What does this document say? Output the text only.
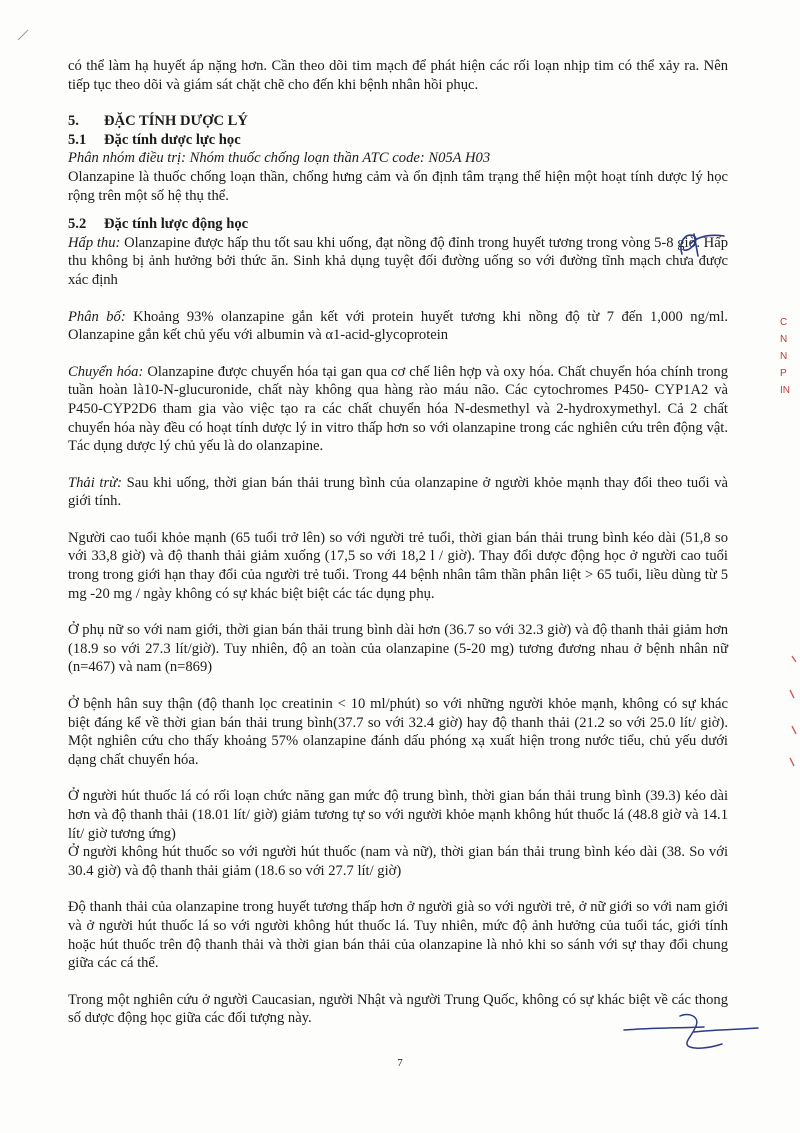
có thể làm hạ huyết áp nặng hơn. Cần theo dõi tim mạch để phát hiện các rối loạn nhịp tim có thể xảy ra. Nên tiếp tục theo dõi và giám sát chặt chẽ cho đến khi bệnh nhân hồi phục.

5. ĐẶC TÍNH DƯỢC LÝ

5.1 Đặc tính dược lực học

Phân nhóm điều trị: Nhóm thuốc chống loạn thần ATC code: N05A H03

Olanzapine là thuốc chống loạn thần, chống hưng cảm và ổn định tâm trạng thể hiện một hoạt tính dược lý học rộng trên một số hệ thụ thể.

5.2 Đặc tính lược động học

Hấp thu: Olanzapine được hấp thu tốt sau khi uống, đạt nồng độ đỉnh trong huyết tương trong vòng 5-8 giờ. Hấp thu không bị ảnh hưởng bởi thức ăn. Sinh khả dụng tuyệt đối đường uống so với đường tĩnh mạch chưa được xác định

Phân bố: Khoảng 93% olanzapine gắn kết với protein huyết tương khi nồng độ từ 7 đến 1,000 ng/ml. Olanzapine gắn kết chủ yếu với albumin và α1-acid-glycoprotein

Chuyển hóa: Olanzapine được chuyển hóa tại gan qua cơ chế liên hợp và oxy hóa. Chất chuyển hóa chính trong tuần hoàn là10-N-glucuronide, chất này không qua hàng rào máu não. Các cytochromes P450- CYP1A2 và P450-CYP2D6 tham gia vào việc tạo ra các chất chuyển hóa N-desmethyl và 2-hydroxymethyl. Cả 2 chất chuyển hóa này đều có hoạt tính dược lý in vitro thấp hơn so với olanzapine trong các nghiên cứu trên động vật. Tác dụng dược lý chủ yếu là do olanzapine.

Thải trừ: Sau khi uống, thời gian bán thải trung bình của olanzapine ở người khỏe mạnh thay đổi theo tuổi và giới tính.

Người cao tuổi khỏe mạnh (65 tuổi trở lên) so với người trẻ tuổi, thời gian bán thải trung bình kéo dài (51,8 so với 33,8 giờ) và độ thanh thải giảm xuống (17,5 so với 18,2 l / giờ). Thay đổi dược động học ở người cao tuổi trong trong giới hạn thay đổi của người trẻ tuổi. Trong 44 bệnh nhân tâm thần phân liệt > 65 tuổi, liều dùng từ 5 mg -20 mg / ngày không có sự khác biệt biệt các tác dụng phụ.

Ở phụ nữ so với nam giới, thời gian bán thải trung bình dài hơn (36.7 so với 32.3 giờ) và độ thanh thải giảm hơn (18.9 so với 27.3 lít/giờ). Tuy nhiên, độ an toàn của olanzapine (5-20 mg) tương đương nhau ở bệnh nhân nữ (n=467) và nam (n=869)

Ở bệnh hân suy thận (độ thanh lọc creatinin < 10 ml/phút) so với những người khỏe mạnh, không có sự khác biệt đáng kể về thời gian bán thải trung bình(37.7 so với 32.4 giờ) hay độ thanh thải (21.2 so với 25.0 lít/ giờ). Một nghiên cứu cho thấy khoảng 57% olanzapine đánh dấu phóng xạ xuất hiện trong nước tiểu, chủ yếu dưới dạng chất chuyển hóa.

Ở người hút thuốc lá có rối loạn chức năng gan mức độ trung bình, thời gian bán thải trung bình (39.3) kéo dài hơn và độ thanh thải (18.01 lít/ giờ) giảm tương tự so với người khỏe mạnh không hút thuốc lá (48.8 giờ và 14.1 lít/ giờ tương ứng)

Ở người không hút thuốc so với người hút thuốc (nam và nữ), thời gian bán thải trung bình kéo dài (38. So với 30.4 giờ) và độ thanh thải giảm (18.6 so với 27.7 lít/ giờ)

Độ thanh thải của olanzapine trong huyết tương thấp hơn ở người già so với người trẻ, ở nữ giới so với nam giới và ở người hút thuốc lá so với người không hút thuốc lá. Tuy nhiên, mức độ ảnh hưởng của tuổi tác, giới tính hoặc hút thuốc trên độ thanh thải và thời gian bán thải của olanzapine là nhỏ khi so sánh với sự thay đổi chung giữa các cá thể.

Trong một nghiên cứu ở người Caucasian, người Nhật và người Trung Quốc, không có sự khác biệt về các thong số dược động học giữa các đối tượng này.

7
C
N
N
P
IN
